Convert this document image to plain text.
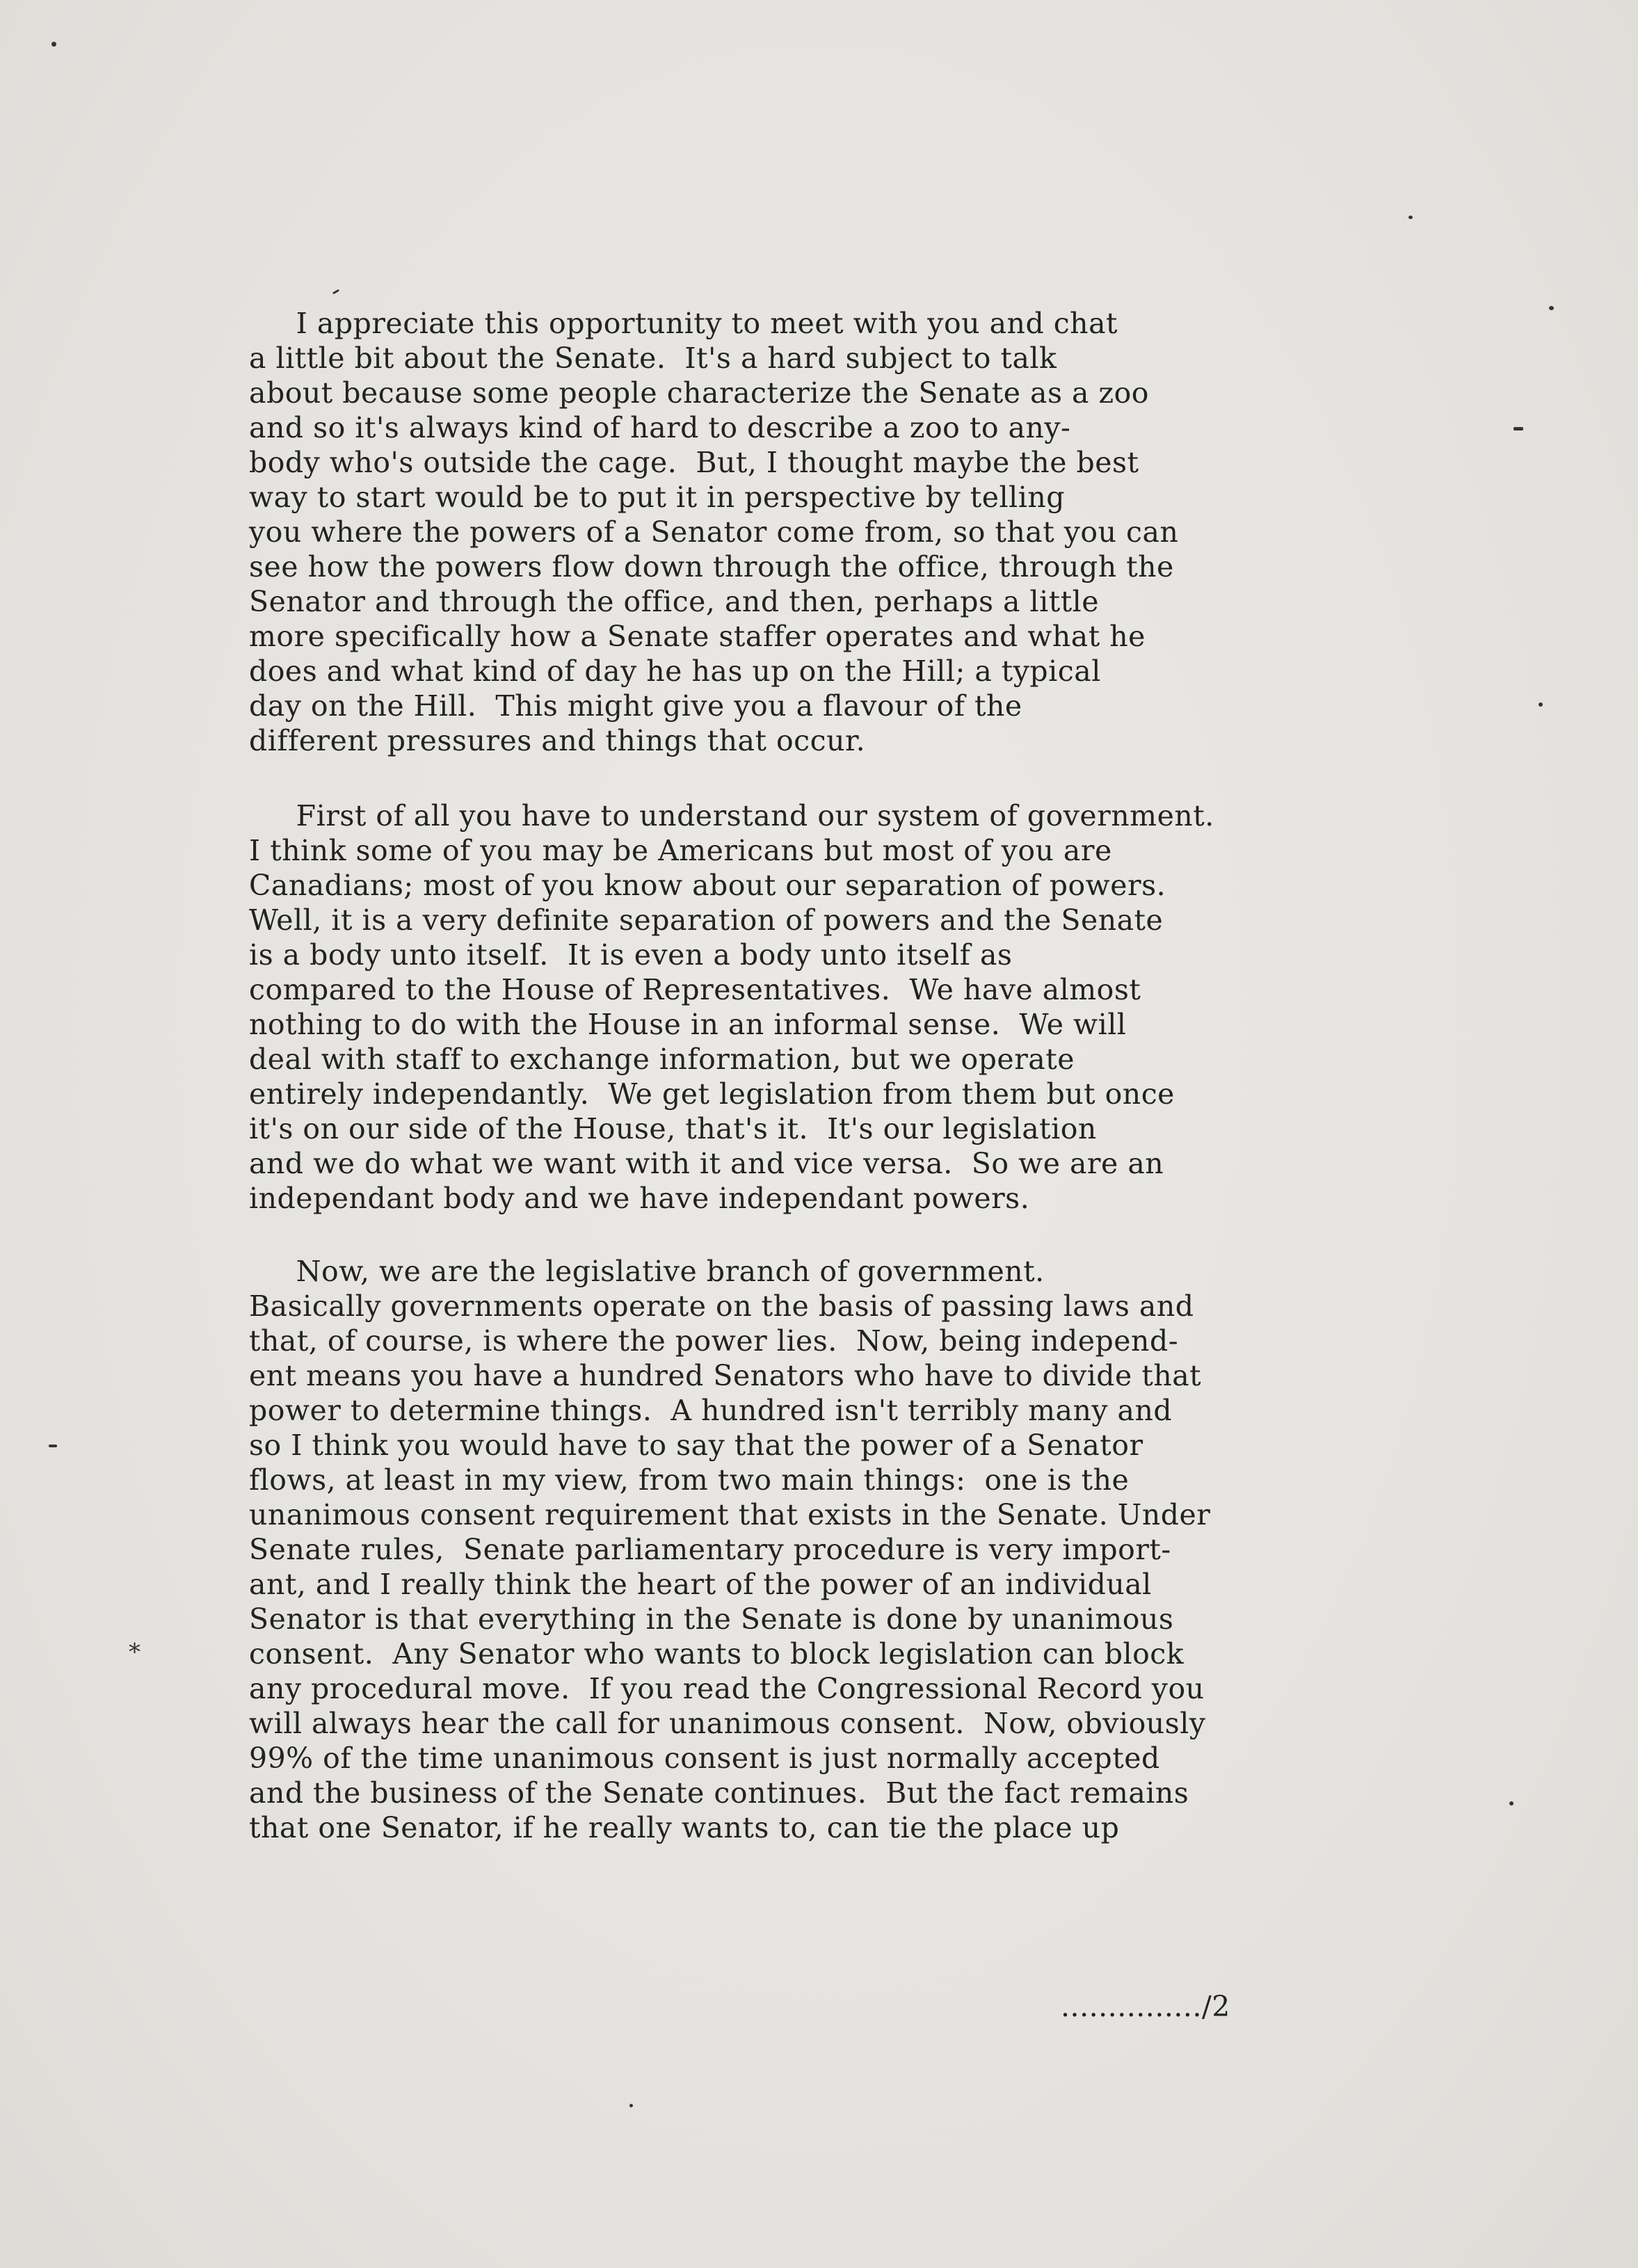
I appreciate this opportunity to meet with you and chat
a little bit about the Senate.  It's a hard subject to talk
about because some people characterize the Senate as a zoo
and so it's always kind of hard to describe a zoo to any-
body who's outside the cage.  But, I thought maybe the best
way to start would be to put it in perspective by telling
you where the powers of a Senator come from, so that you can
see how the powers flow down through the office, through the
Senator and through the office, and then, perhaps a little
more specifically how a Senate staffer operates and what he
does and what kind of day he has up on the Hill; a typical
day on the Hill.  This might give you a flavour of the
different pressures and things that occur.
First of all you have to understand our system of government.
I think some of you may be Americans but most of you are
Canadians; most of you know about our separation of powers.
Well, it is a very definite separation of powers and the Senate
is a body unto itself.  It is even a body unto itself as
compared to the House of Representatives.  We have almost
nothing to do with the House in an informal sense.  We will
deal with staff to exchange information, but we operate
entirely independantly.  We get legislation from them but once
it's on our side of the House, that's it.  It's our legislation
and we do what we want with it and vice versa.  So we are an
independant body and we have independant powers.
Now, we are the legislative branch of government.
Basically governments operate on the basis of passing laws and
that, of course, is where the power lies.  Now, being independ-
ent means you have a hundred Senators who have to divide that
power to determine things.  A hundred isn't terribly many and
so I think you would have to say that the power of a Senator
flows, at least in my view, from two main things:  one is the
unanimous consent requirement that exists in the Senate. Under
Senate rules,  Senate parliamentary procedure is very import-
ant, and I really think the heart of the power of an individual
Senator is that everything in the Senate is done by unanimous
consent.  Any Senator who wants to block legislation can block
any procedural move.  If you read the Congressional Record you
will always hear the call for unanimous consent.  Now, obviously
99% of the time unanimous consent is just normally accepted
and the business of the Senate continues.  But the fact remains
that one Senator, if he really wants to, can tie the place up
.............../2
⁎
